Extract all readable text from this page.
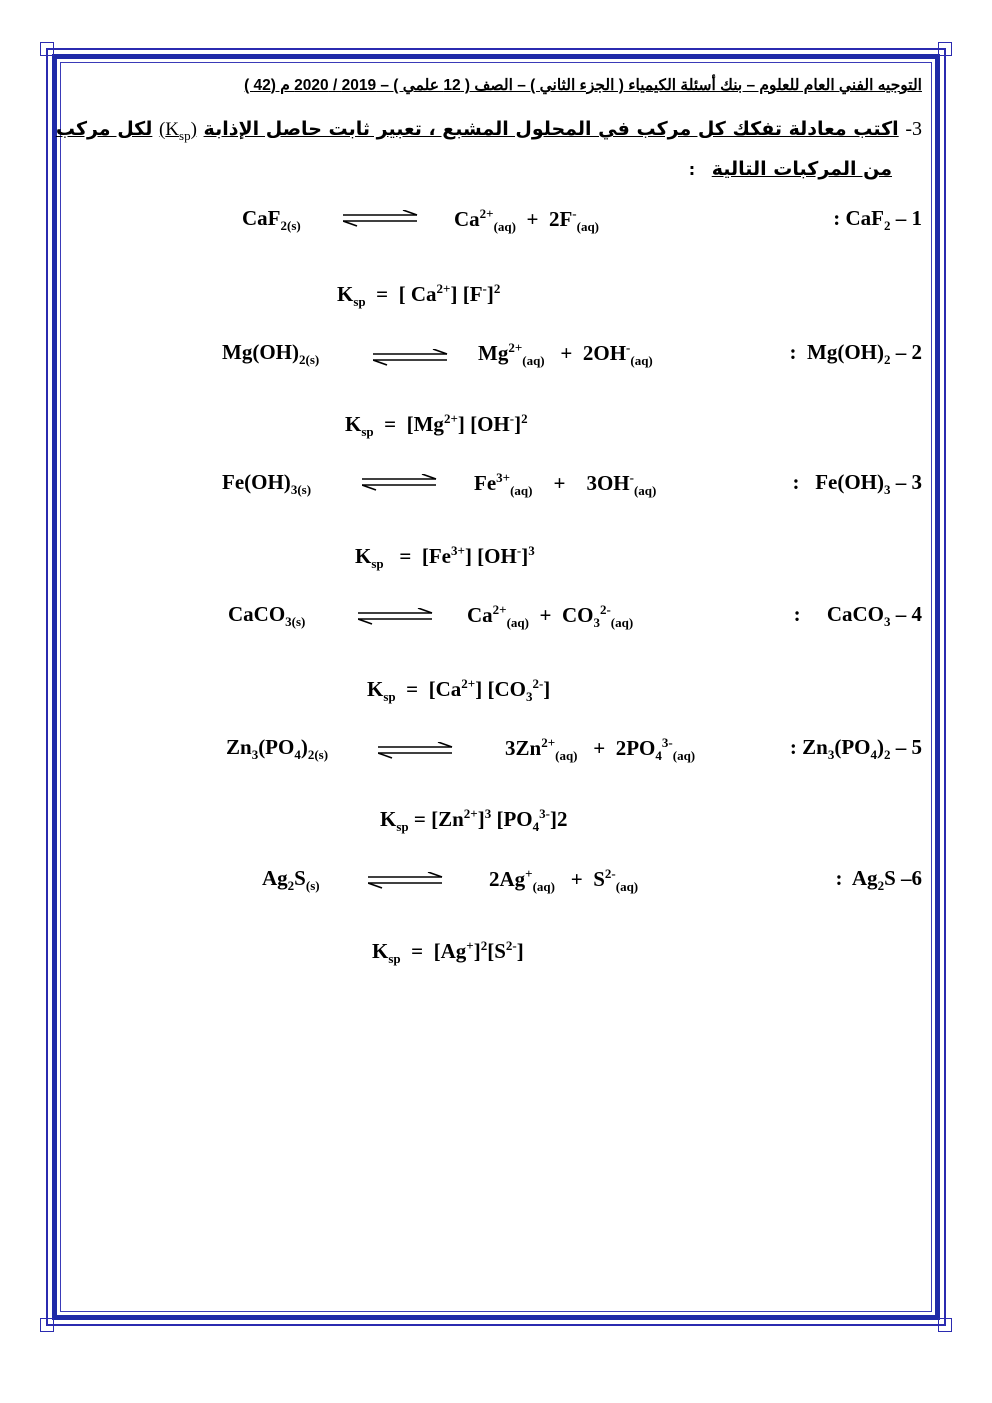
التوجيه الفني العام للعلوم – بنك أسئلة الكيمياء ( الجزء الثاني ) – الصف ( 12 علمي ) – 2019 / 2020 م (42 )
3- اكتب معادلة تفكك كل مركب في المحلول المشبع ، تعبير ثابت حاصل الإذابة $(K_{sp})$ لكل مركب
من المركبات التالية :
: CaF$_2$ – 1
CaF$_{2(s)}$	$Ca^{2+}_{(aq)} + 2F^-_{(aq)}$
$K_{sp}$ = [ $Ca^{2+}$] $[F^-]^2$
: $Mg(OH)_2 - 2$
$Mg(OH)_{2(s)}$	$Mg^{2+}_{(aq)} + 2OH^-_{(aq)}$
$K_{sp} = [Mg^{2+}]$ $[OH^-]^2$
: $Fe(OH)_3 - 3$
$Fe(OH)_{3(s)}$	$Fe^{3+}_{(aq)} + 3OH^-_{(aq)}$
$K_{sp} = [Fe^{3+}]$ $[OH^-]^3$
: CaCO$_3$ – 4
CaCO$_{3(s)}$	$Ca^{2+}_{(aq)} + CO_3^{2-}_{(aq)}$
$K_{sp} = [Ca^{2+}]$ $[CO_3^{2-}]$
: $Zn_3(PO_4)_2 - 5$
$Zn_3(PO_4)_{2(s)}$	$3Zn^{2+}_{(aq)} + 2PO_4^{3-}_{(aq)}$
$K_{sp} = [Zn^{2+}]^3$ $[PO_4^{3-}]2$
: $Ag_2S$ –6
$Ag_2S_{(s)}$	$2Ag^+_{(aq)} + S^{2-}_{(aq)}$
$K_{sp} = [Ag^+]^2[S^{2-}]$
